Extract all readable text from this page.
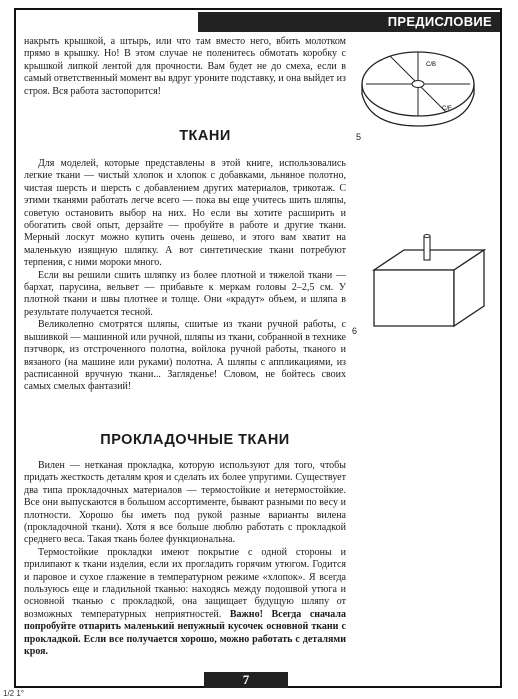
ПРЕДИСЛОВИЕ

накрыть крышкой, а штырь, или что там вместо него, вбить молотком прямо в крышку. Но! В этом случае не поленитесь обмотать коробку с крышкой липкой лентой для прочности. Вам будет не до смеха, если в самый ответственный момент вы вдруг уроните подставку, и она выйдет из строя. Вся работа застопорится!

ТКАНИ

Для моделей, которые представлены в этой книге, использовались легкие ткани — чистый хлопок и хлопок с добавками, льняное полотно, чистая шерсть и шерсть с добавлением других материалов, трикотаж. С этими тканями работать легче всего — пока вы еще учитесь шить шляпы, советую остановить выбор на них. Но если вы хотите расширить и обогатить свой опыт, дерзайте — пробуйте в работе и другие ткани. Мерный лоскут можно купить очень дешево, и этого вам хватит на маленькую изящную шляпку. А вот синтетические ткани потребуют терпения, с ними мороки много.

Если вы решили сшить шляпку из более плотной и тяжелой ткани — бархат, парусина, вельвет — прибавьте к меркам головы 2–2,5 см. У плотной ткани и швы плотнее и толще. Они «крадут» объем, и шляпа в результате получается тесной.

Великолепно смотрятся шляпы, сшитые из ткани ручной работы, с вышивкой — машинной или ручной, шляпы из ткани, собранной в технике пэтчворк, из отстроченного полотна, войлока ручной работы, тканого и вязаного (на машине или руками) полотна. А шляпы с аппликациями, из расписанной вручную ткани... Загляденье! Словом, не бойтесь своих самых смелых фантазий!

ПРОКЛАДОЧНЫЕ ТКАНИ

Вилен — нетканая прокладка, которую используют для того, чтобы придать жесткость деталям кроя и сделать их более упругими. Существует два типа прокладочных материалов — термостойкие и нетермостойкие. Все они выпускаются в большом ассортименте, бывают разными по весу и плотности. Хорошо бы иметь под рукой разные варианты вилена (прокладочной ткани). Хотя я все больше люблю работать с прокладкой среднего веса. Такая ткань более функциональна.

Термостойкие прокладки имеют покрытие с одной стороны и прилипают к ткани изделия, если их прогладить горячим утюгом. Годится и паровое и сухое глажение в температурном режиме «хлопок». Я всегда пользуюсь еще и гладильной тканью: находясь между подошвой утюга и основной тканью с прокладкой, она защищает будущую шляпу от возможных температурных неприятностей. Важно! Всегда сначала попробуйте отпарить маленький непужный кусочек основной ткани с прокладкой. Если все получается хорошо, можно работать с деталями кроя.

C/B
C/F
5
6
7
1/2 1°
